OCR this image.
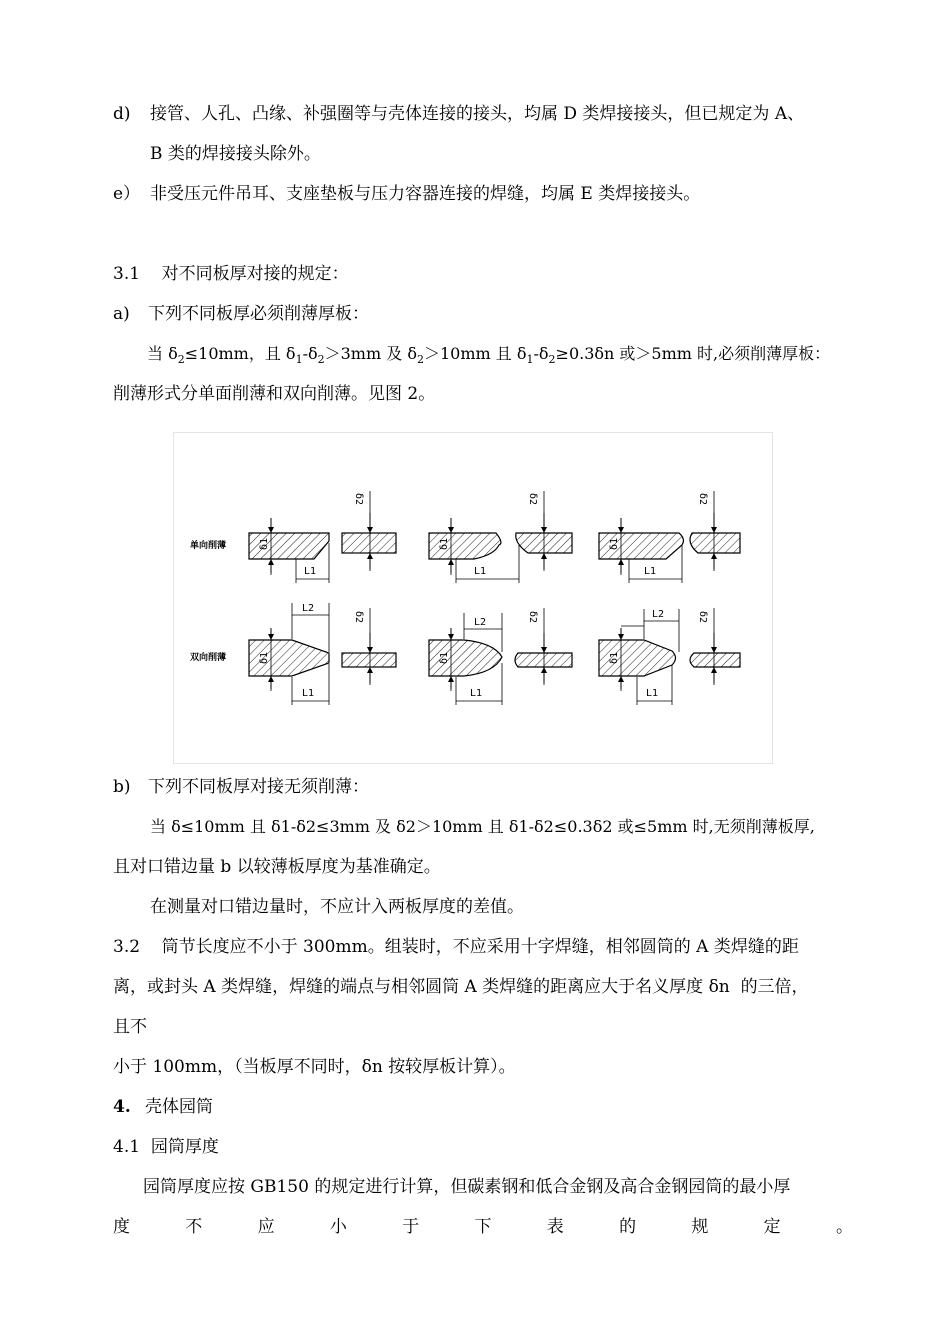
d) 接管、人孔、凸缘、补强圈等与壳体连接的接头，均属 D 类焊接接头，但已规定为 A、
B 类的焊接接头除外。
e） 非受压元件吊耳、支座垫板与压力容器连接的焊缝，均属 E 类焊接接头。
3.1    对不同板厚对接的规定：
a) 下列不同板厚必须削薄厚板：
当 $\delta_2\le 10mm$，且 $\delta_1-\delta_2>3mm$ 及 $\delta_2>10mm$ 且 $\delta_1-\delta_2\ge 0.3\delta n$ 或＞5mm 时,必须削薄厚板：
削薄形式分单面削薄和双向削薄。见图 2。
单向削薄
双向削薄
δ1
δ2
L1
δ1
δ2
L1
δ1
δ2
L1
δ1
δ2
L2
L1
δ1
δ2
L2
L1
δ1
δ2
L2
L1
b) 下列不同板厚对接无须削薄：
当 δ≤10mm 且 δ1-δ2≤3mm 及 δ2＞10mm 且 δ1-δ2≤0.3δ2 或≤5mm 时,无须削薄板厚,
且对口错边量 b 以较薄板厚度为基准确定。
在测量对口错边量时，不应计入两板厚度的差值。
3.2    筒节长度应不小于 300mm。组装时，不应采用十字焊缝，相邻圆筒的 A 类焊缝的距
离，或封头 A 类焊缝，焊缝的端点与相邻圆筒 A 类焊缝的距离应大于名义厚度 δn  的三倍，
且不
小于 100mm，（当板厚不同时，δn 按较厚板计算）。
4. 壳体园筒
4.1  园筒厚度
园筒厚度应按 GB150 的规定进行计算，但碳素钢和低合金钢及高合金钢园筒的最小厚
度	不	应	小	于	下	表	的	规	定	。
